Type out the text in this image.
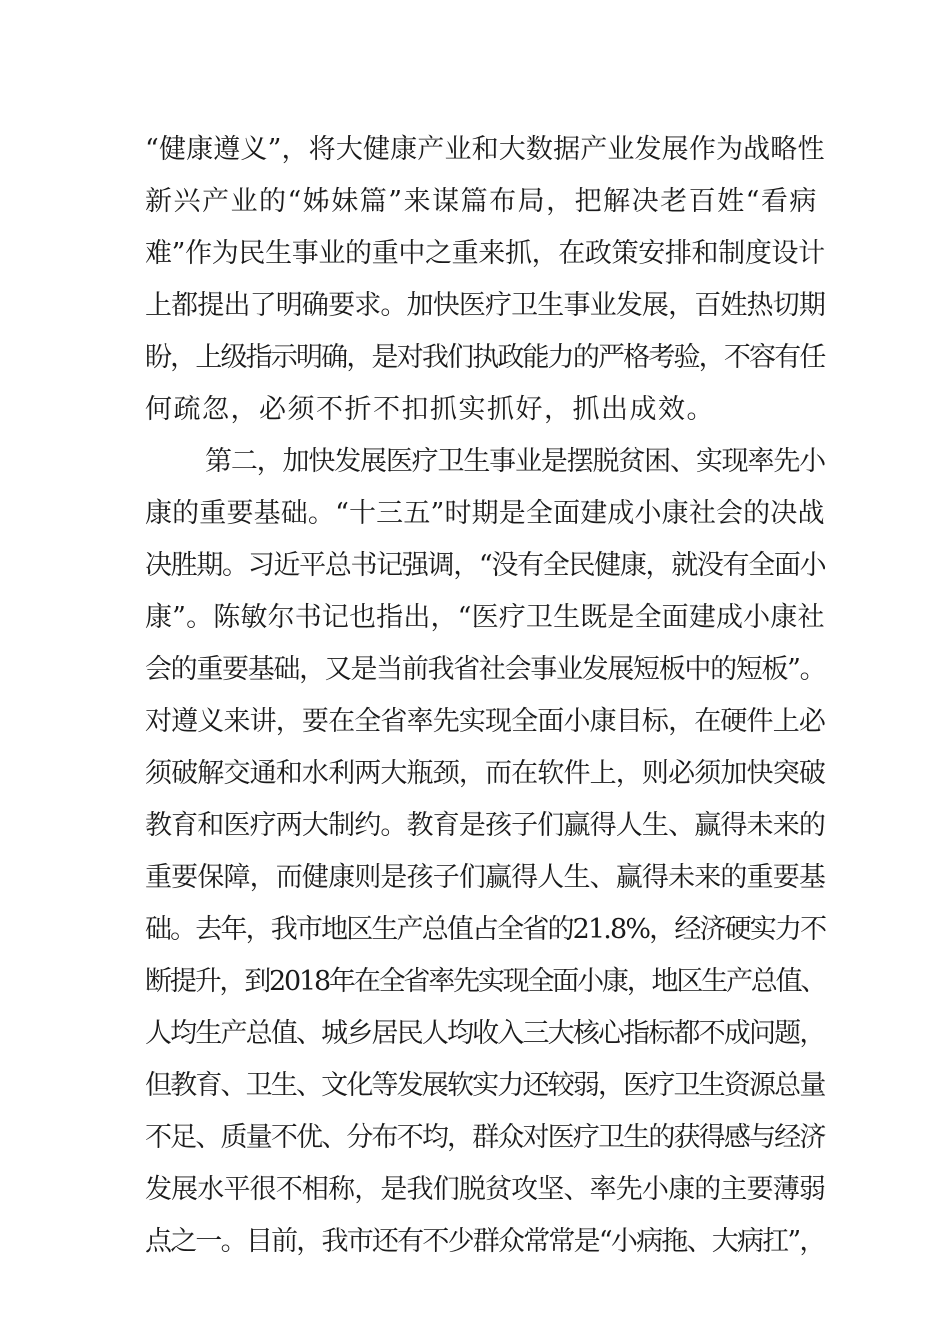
“健康遵义”，将大健康产业和大数据产业发展作为战略性
新兴产业的“姊妹篇”来谋篇布局，把解决老百姓“看病
难”作为民生事业的重中之重来抓，在政策安排和制度设计
上都提出了明确要求。加快医疗卫生事业发展，百姓热切期
盼，上级指示明确，是对我们执政能力的严格考验，不容有任
何疏忽，必须不折不扣抓实抓好，抓出成效。
第二，加快发展医疗卫生事业是摆脱贫困、实现率先小
康的重要基础。“十三五”时期是全面建成小康社会的决战
决胜期。习近平总书记强调，“没有全民健康，就没有全面小
康”。陈敏尔书记也指出，“医疗卫生既是全面建成小康社
会的重要基础，又是当前我省社会事业发展短板中的短板”。
对遵义来讲，要在全省率先实现全面小康目标，在硬件上必
须破解交通和水利两大瓶颈，而在软件上，则必须加快突破
教育和医疗两大制约。教育是孩子们赢得人生、赢得未来的
重要保障，而健康则是孩子们赢得人生、赢得未来的重要基
础。去年，我市地区生产总值占全省的21.8%，经济硬实力不
断提升，到2018年在全省率先实现全面小康，地区生产总值、
人均生产总值、城乡居民人均收入三大核心指标都不成问题，
但教育、卫生、文化等发展软实力还较弱，医疗卫生资源总量
不足、质量不优、分布不均，群众对医疗卫生的获得感与经济
发展水平很不相称，是我们脱贫攻坚、率先小康的主要薄弱
点之一。目前，我市还有不少群众常常是“小病拖、大病扛”，
